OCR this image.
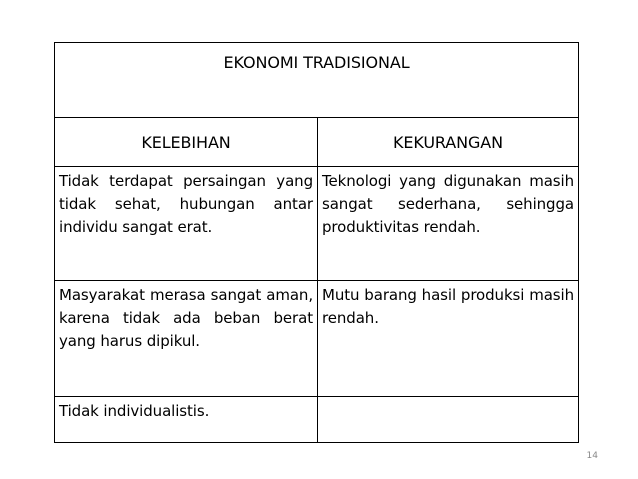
EKONOMI TRADISIONAL	
KELEBIHAN	KEKURANGAN
Tidak terdapat persaingan yang tidak sehat, hubungan antar individu sangat erat.	Teknologi yang digunakan masih sangat sederhana, sehingga produktivitas rendah.
Masyarakat merasa sangat aman, karena tidak ada beban berat yang harus dipikul.	Mutu barang hasil produksi masih rendah.
Tidak individualistis.	
14
